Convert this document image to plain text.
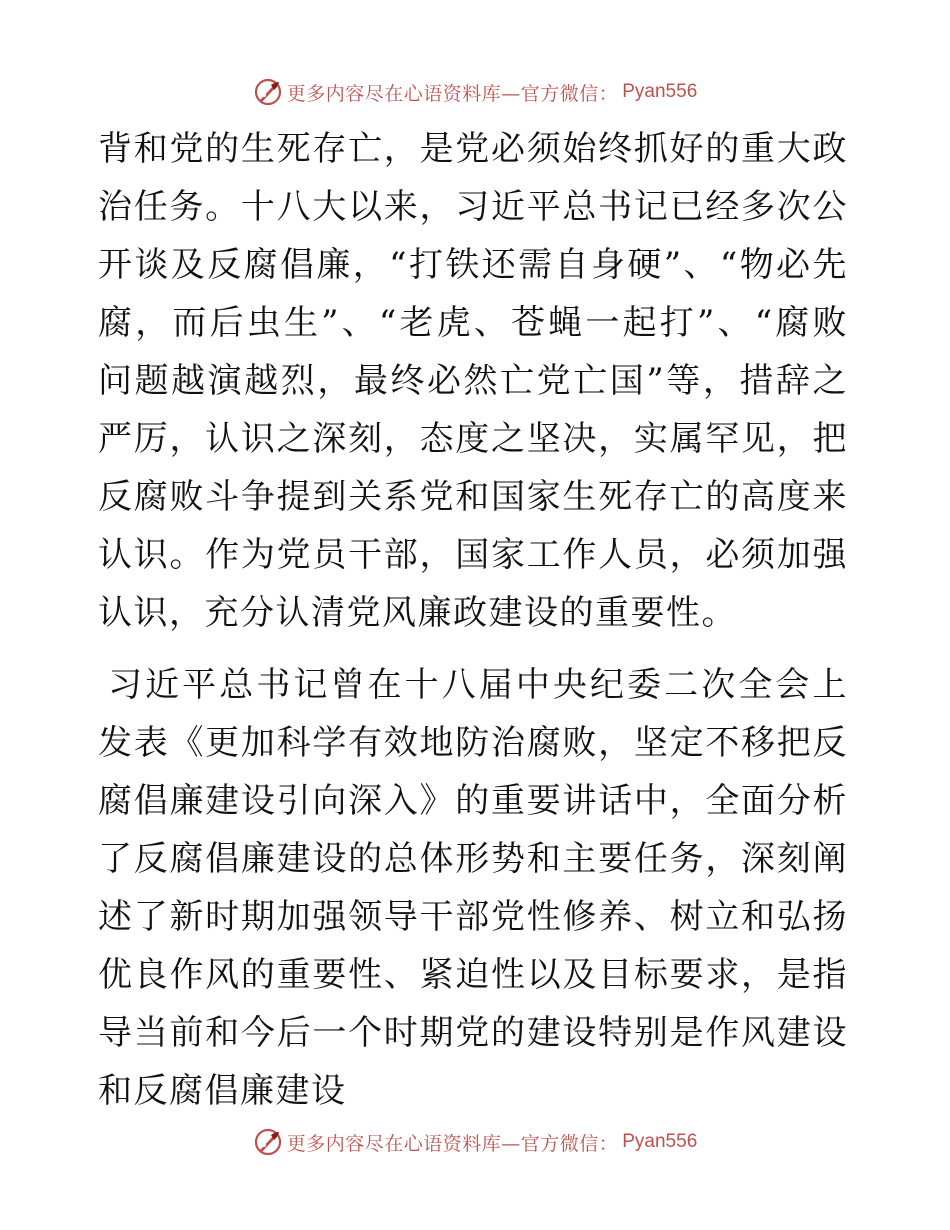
更多内容尽在心语资料库—官方微信： Pyan556

背和党的生死存亡，是党必须始终抓好的重大政治任务。十八大以来，习近平总书记已经多次公开谈及反腐倡廉，“打铁还需自身硬”、“物必先腐，而后虫生”、“老虎、苍蝇一起打”、“腐败问题越演越烈，最终必然亡党亡国”等，措辞之严厉，认识之深刻，态度之坚决，实属罕见，把反腐败斗争提到关系党和国家生死存亡的高度来认识。作为党员干部，国家工作人员，必须加强认识，充分认清党风廉政建设的重要性。

习近平总书记曾在十八届中央纪委二次全会上发表《更加科学有效地防治腐败，坚定不移把反腐倡廉建设引向深入》的重要讲话中，全面分析了反腐倡廉建设的总体形势和主要任务，深刻阐述了新时期加强领导干部党性修养、树立和弘扬优良作风的重要性、紧迫性以及目标要求，是指导当前和今后一个时期党的建设特别是作风建设和反腐倡廉建设

更多内容尽在心语资料库—官方微信： Pyan556
